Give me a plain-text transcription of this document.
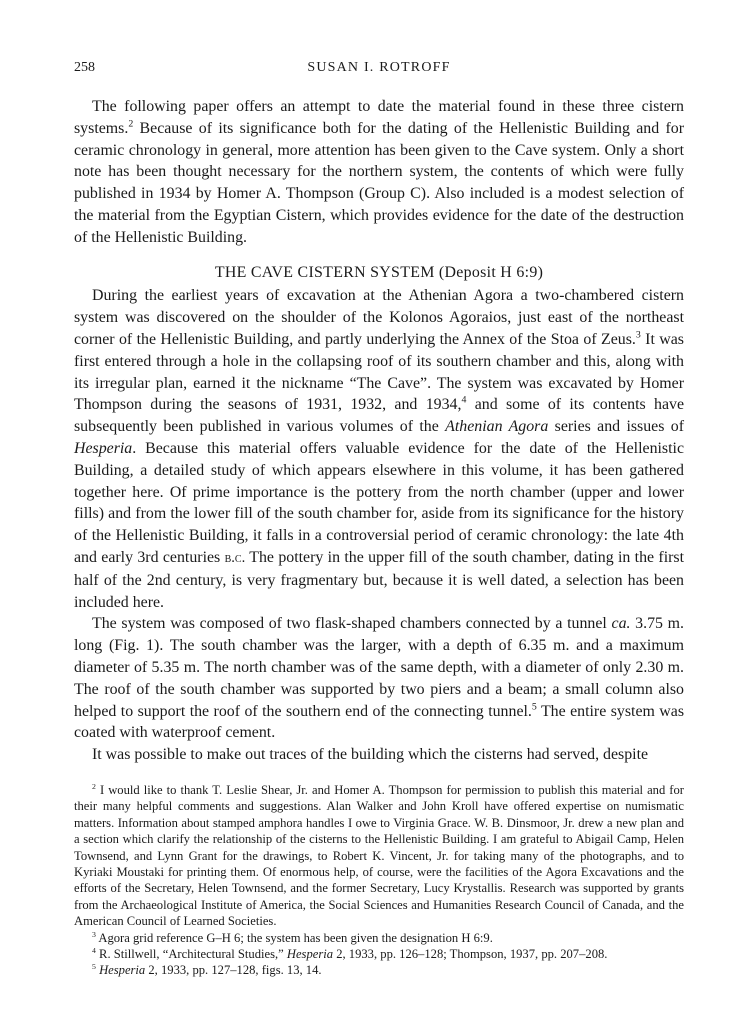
258	SUSAN I. ROTROFF

The following paper offers an attempt to date the material found in these three cistern systems.$^2$ Because of its significance both for the dating of the Hellenistic Building and for ceramic chronology in general, more attention has been given to the Cave system. Only a short note has been thought necessary for the northern system, the contents of which were fully published in 1934 by Homer A. Thompson (Group C). Also included is a modest selection of the material from the Egyptian Cistern, which provides evidence for the date of the destruction of the Hellenistic Building.

THE CAVE CISTERN SYSTEM (Deposit H 6:9)

During the earliest years of excavation at the Athenian Agora a two-chambered cistern system was discovered on the shoulder of the Kolonos Agoraios, just east of the northeast corner of the Hellenistic Building, and partly underlying the Annex of the Stoa of Zeus.$^3$ It was first entered through a hole in the collapsing roof of its southern chamber and this, along with its irregular plan, earned it the nickname “The Cave”. The system was excavated by Homer Thompson during the seasons of 1931, 1932, and 1934,$^4$ and some of its contents have subsequently been published in various volumes of the Athenian Agora series and issues of Hesperia. Because this material offers valuable evidence for the date of the Hellenistic Building, a detailed study of which appears elsewhere in this volume, it has been gathered together here. Of prime importance is the pottery from the north chamber (upper and lower fills) and from the lower fill of the south chamber for, aside from its significance for the history of the Hellenistic Building, it falls in a controversial period of ceramic chronology: the late 4th and early 3rd centuries b.c. The pottery in the upper fill of the south chamber, dating in the first half of the 2nd century, is very fragmentary but, because it is well dated, a selection has been included here.

The system was composed of two flask-shaped chambers connected by a tunnel ca. 3.75 m. long (Fig. 1). The south chamber was the larger, with a depth of 6.35 m. and a maximum diameter of 5.35 m. The north chamber was of the same depth, with a diameter of only 2.30 m. The roof of the south chamber was supported by two piers and a beam; a small column also helped to support the roof of the southern end of the connecting tunnel.$^5$ The entire system was coated with waterproof cement.

It was possible to make out traces of the building which the cisterns had served, despite

$^2$ I would like to thank T. Leslie Shear, Jr. and Homer A. Thompson for permission to publish this material and for their many helpful comments and suggestions. Alan Walker and John Kroll have offered expertise on numismatic matters. Information about stamped amphora handles I owe to Virginia Grace. W. B. Dinsmoor, Jr. drew a new plan and a section which clarify the relationship of the cisterns to the Hellenistic Building. I am grateful to Abigail Camp, Helen Townsend, and Lynn Grant for the drawings, to Robert K. Vincent, Jr. for taking many of the photographs, and to Kyriaki Moustaki for printing them. Of enormous help, of course, were the facilities of the Agora Excavations and the efforts of the Secretary, Helen Townsend, and the former Secretary, Lucy Krystallis. Research was supported by grants from the Archaeological Institute of America, the Social Sciences and Humanities Research Council of Canada, and the American Council of Learned Societies.

$^3$ Agora grid reference G–H 6; the system has been given the designation H 6:9.

$^4$ R. Stillwell, “Architectural Studies,” Hesperia 2, 1933, pp. 126–128; Thompson, 1937, pp. 207–208.

$^5$ Hesperia 2, 1933, pp. 127–128, figs. 13, 14.
